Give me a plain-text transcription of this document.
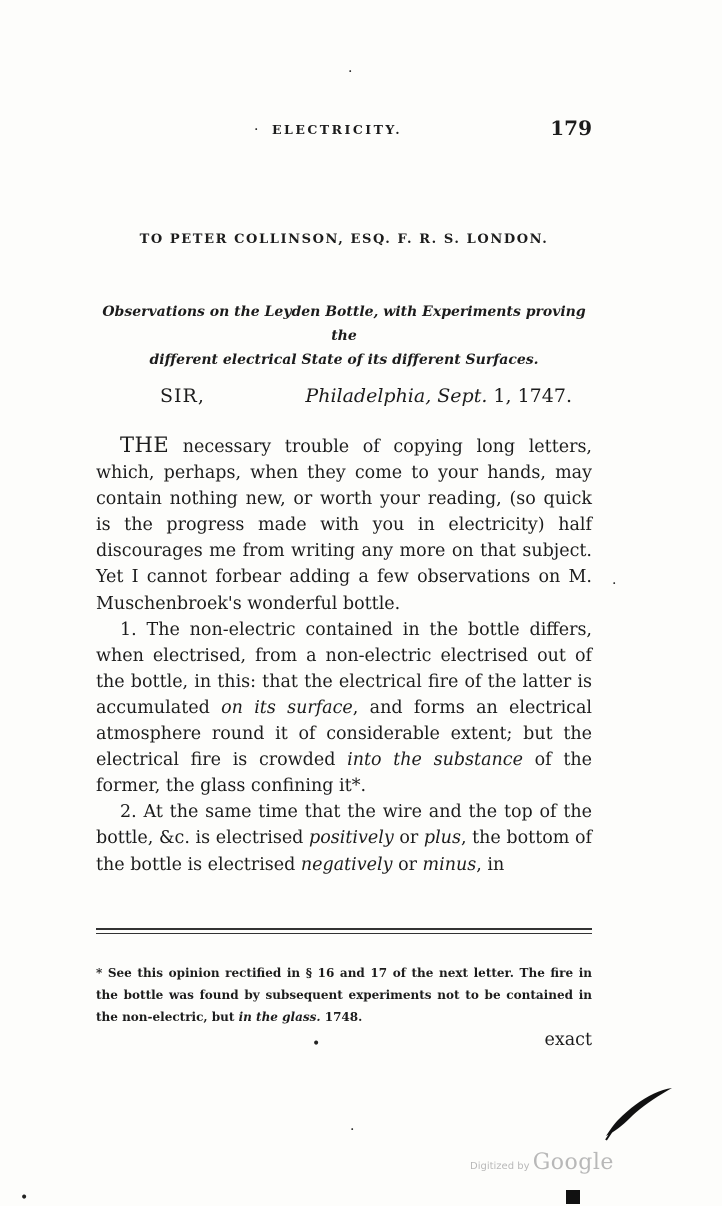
· ELECTRICITY.	179
TO PETER COLLINSON, ESQ. F. R. S. LONDON.
Observations on the Leyden Bottle, with Experiments proving the
different electrical State of its different Surfaces.
SIR,	Philadelphia, Sept. 1, 1747.

THE necessary trouble of copying long letters, which, perhaps, when they come to your hands, may contain nothing new, or worth your reading, (so quick is the progress made with you in electricity) half discourages me from writing any more on that subject. Yet I cannot forbear adding a few observations on M. Muschenbroek's wonderful bottle.

1. The non-electric contained in the bottle differs, when electrised, from a non-electric electrised out of the bottle, in this: that the electrical fire of the latter is accumulated on its surface, and forms an electrical atmosphere round it of considerable extent; but the electrical fire is crowded into the substance of the former, the glass confining it*.

2. At the same time that the wire and the top of the bottle, &c. is electrised positively or plus, the bottom of the bottle is electrised negatively or minus, in

* See this opinion rectified in § 16 and 17 of the next letter. The fire in the bottle was found by subsequent experiments not to be contained in the non-electric, but in the glass. 1748.
•
·
·
·
•
exact
Digitized by Google
